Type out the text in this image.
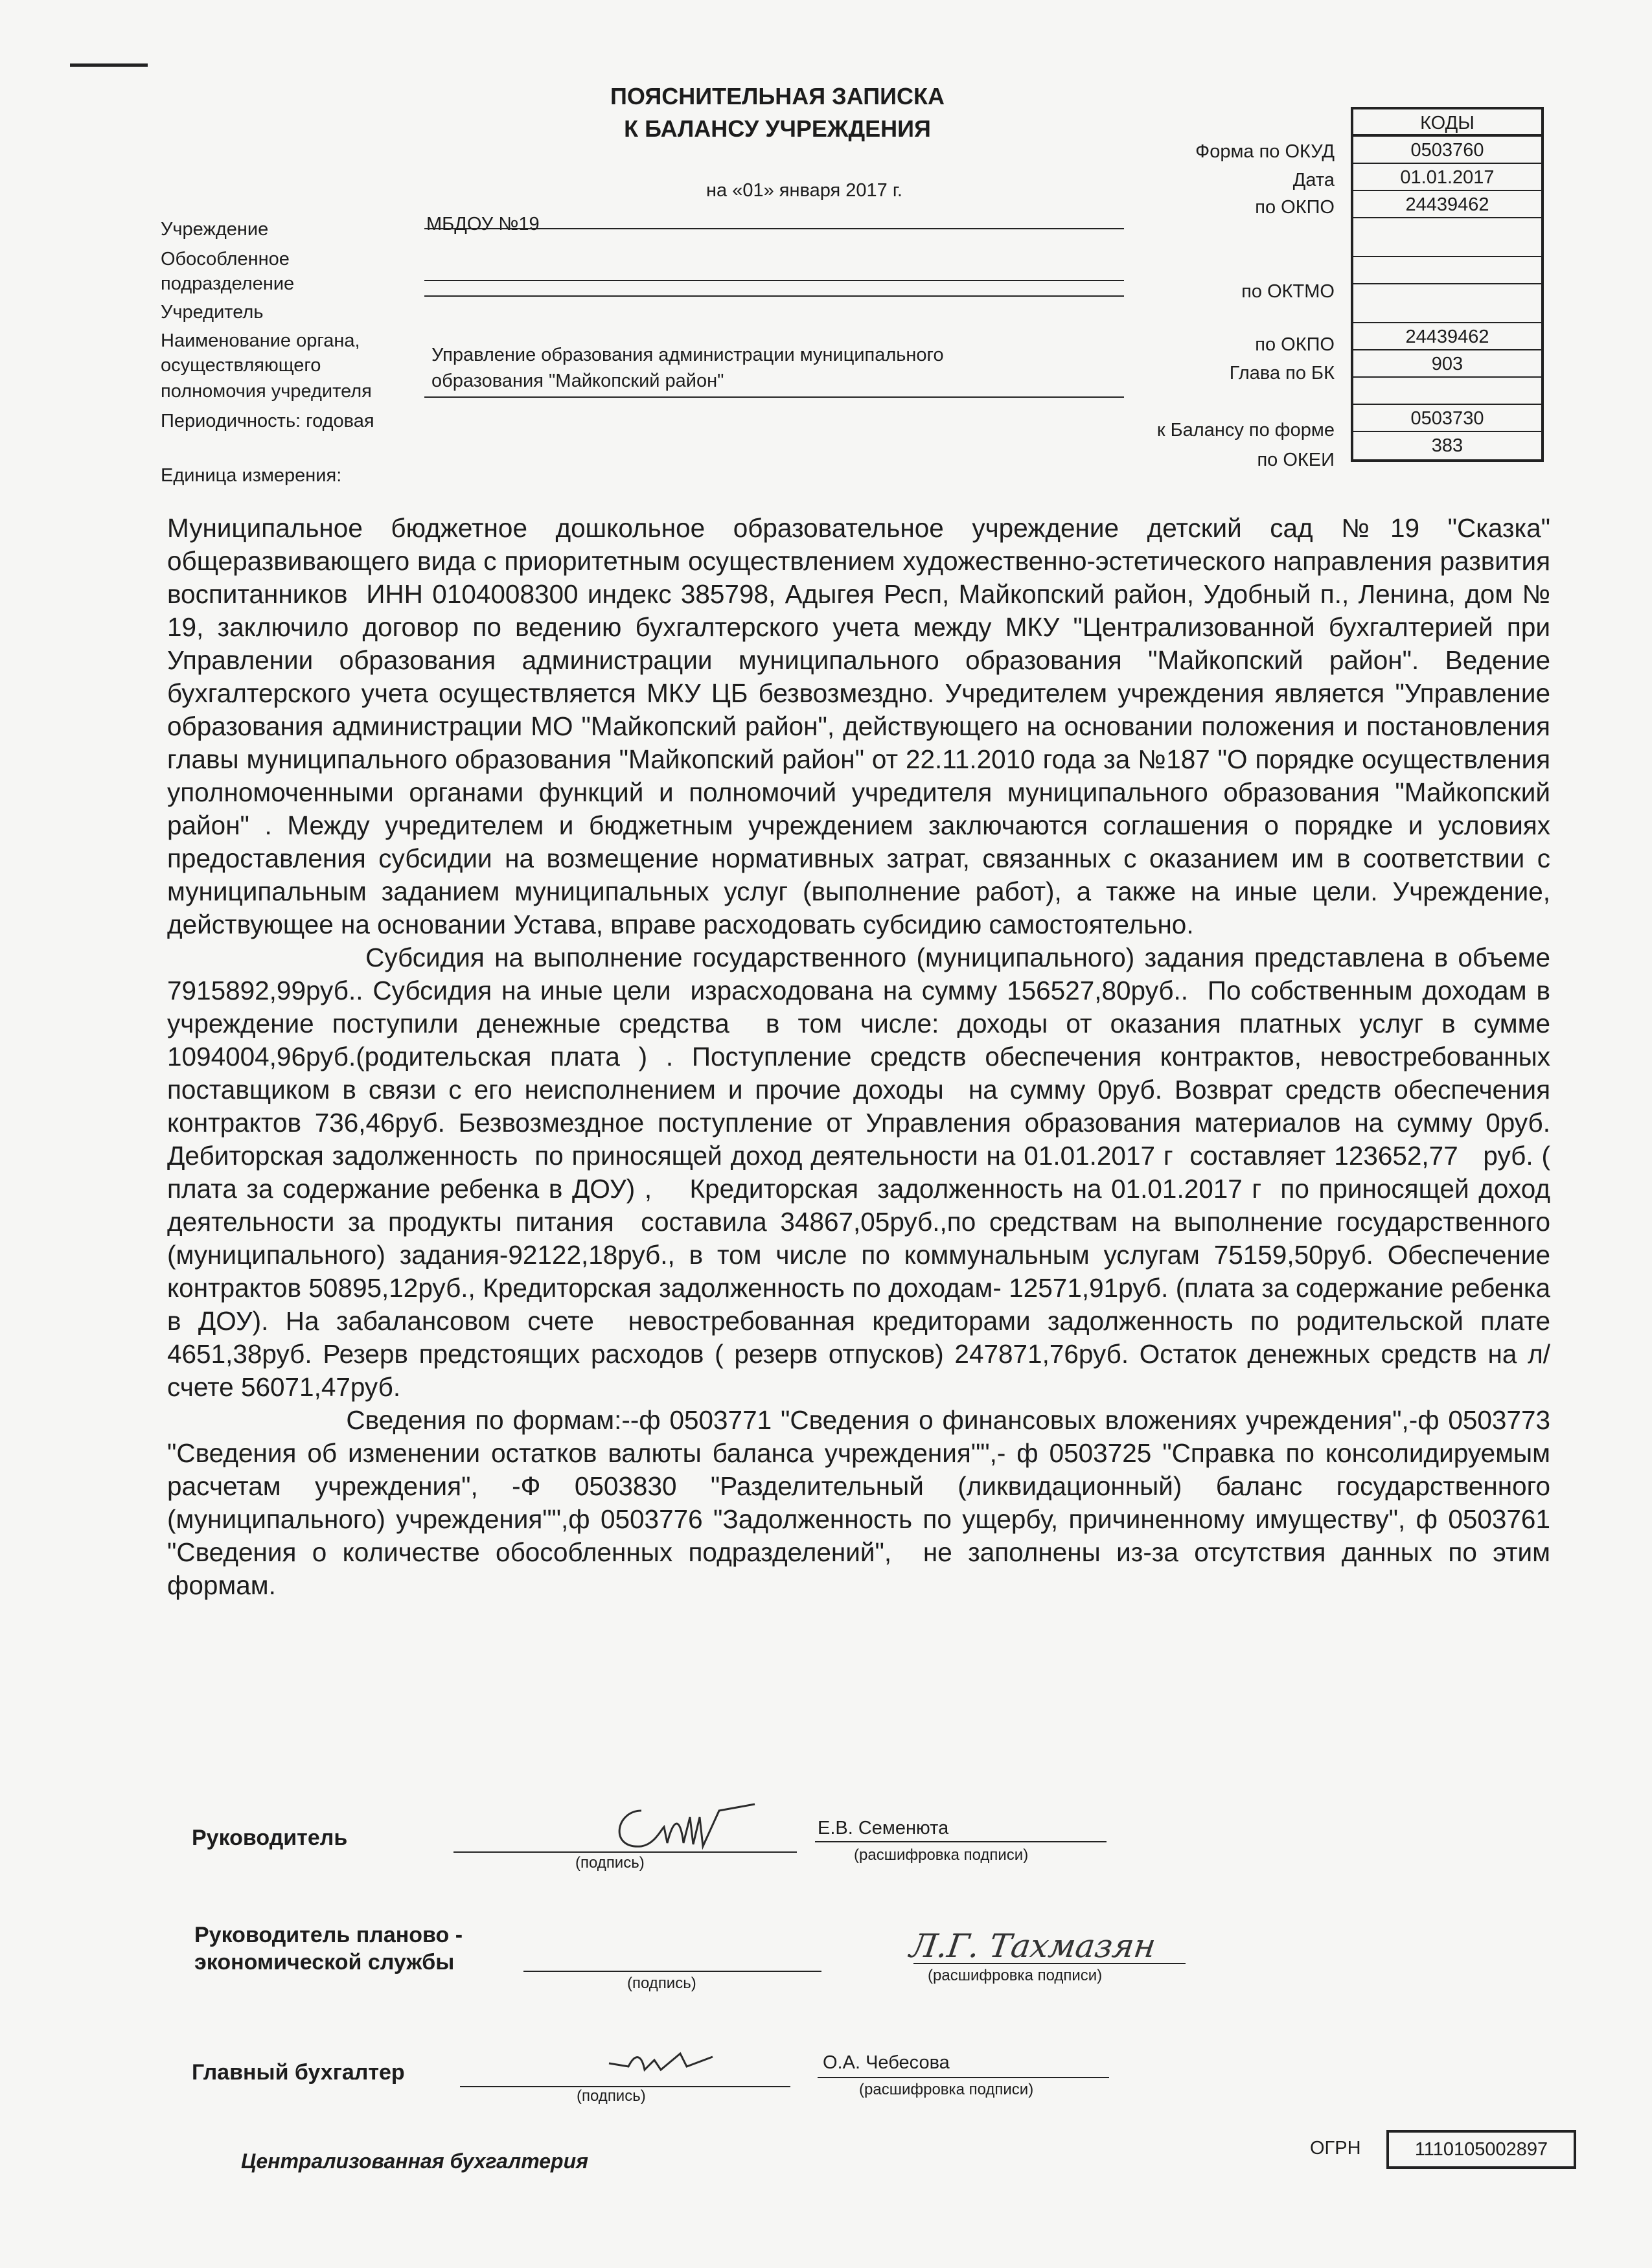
ПОЯСНИТЕЛЬНАЯ ЗАПИСКА
К БАЛАНСУ УЧРЕЖДЕНИЯ
на «01» января 2017 г.
Учреждение
Обособленное
подразделение
Учредитель
Наименование органа,
осуществляющего
полномочия учредителя
Периодичность: годовая
Единица измерения:
МБДОУ №19
Управление образования администрации муниципального
образования "Майкопский район"
Форма по ОКУД
Дата
по ОКПО
по ОКТМО
по ОКПО
Глава по БК
к Балансу по форме
по ОКЕИ
КОДЫ
0503760
01.01.2017
24439462
24439462
903
0503730
383
Муниципальное бюджетное дошкольное образовательное учреждение детский сад №19 "Сказка" общеразвивающего вида с приоритетным осуществлением художественно-эстетического направления развития воспитанников  ИНН 0104008300 индекс 385798, Адыгея Респ, Майкопский район, Удобный п., Ленина, дом № 19, заключило договор по ведению бухгалтерского учета между МКУ "Централизованной бухгалтерией при Управлении образования администрации муниципального образования "Майкопский район". Ведение бухгалтерского учета осуществляется МКУ ЦБ безвозмездно. Учредителем учреждения является "Управление образования администрации МО "Майкопский район", действующего на основании положения и постановления главы муниципального образования "Майкопский район" от 22.11.2010 года за №187 "О порядке осуществления уполномоченными органами функций и полномочий учредителя муниципального образования "Майкопский район" . Между учредителем и бюджетным учреждением заключаются соглашения о порядке и условиях предоставления субсидии на возмещение нормативных затрат, связанных с оказанием им в соответствии с муниципальным заданием муниципальных услуг (выполнение работ), а также на иные цели. Учреждение, действующее на основании Устава, вправе расходовать субсидию самостоятельно.
Субсидия на выполнение государственного (муниципального) задания представлена в объеме   7915892,99руб.. Субсидия на иные цели  израсходована на сумму 156527,80руб..  По собственным доходам в учреждение поступили денежные средства  в том числе: доходы от оказания платных услуг в сумме 1094004,96руб.(родительская плата ) . Поступление средств обеспечения контрактов, невостребованных поставщиком в связи с его неисполнением и прочие доходы  на сумму 0руб. Возврат средств обеспечения контрактов 736,46руб. Безвозмездное поступление от Управления образования материалов на сумму 0руб. Дебиторская задолженность  по приносящей доход деятельности на 01.01.2017 г  составляет 123652,77   руб. ( плата за содержание ребенка в ДОУ) ,    Кредиторская  задолженность на 01.01.2017 г  по приносящей доход деятельности за продукты питания  составила 34867,05руб.,по средствам на выполнение государственного (муниципального) задания-92122,18руб., в том числе по коммунальным услугам 75159,50руб. Обеспечение контрактов 50895,12руб., Кредиторская задолженность по доходам- 12571,91руб. (плата за содержание ребенка в ДОУ). На забалансовом счете  невостребованная кредиторами задолженность по родительской плате  4651,38руб. Резерв предстоящих расходов ( резерв отпусков) 247871,76руб. Остаток денежных средств на л/счете 56071,47руб.
Сведения по формам:--ф 0503771 "Сведения о финансовых вложениях учреждения",-ф 0503773 "Сведения об изменении остатков валюты баланса учреждения"",- ф 0503725 "Справка по консолидируемым  расчетам учреждения", -Ф 0503830 "Разделительный (ликвидационный) баланс государственного (муниципального) учреждения"",ф 0503776 "Задолженность по ущербу, причиненному имуществу", ф 0503761 "Сведения о количестве обособленных подразделений",  не заполнены из-за отсутствия данных по этим формам.
Руководитель
(подпись)
Е.В. Семенюта
(расшифровка подписи)
Руководитель планово -
экономической службы
(подпись)
Л.Г. Тахмазян
(расшифровка подписи)
Главный бухгалтер
(подпись)
О.А. Чебесова
(расшифровка подписи)
Централизованная бухгалтерия
ОГРН	1110105002897
